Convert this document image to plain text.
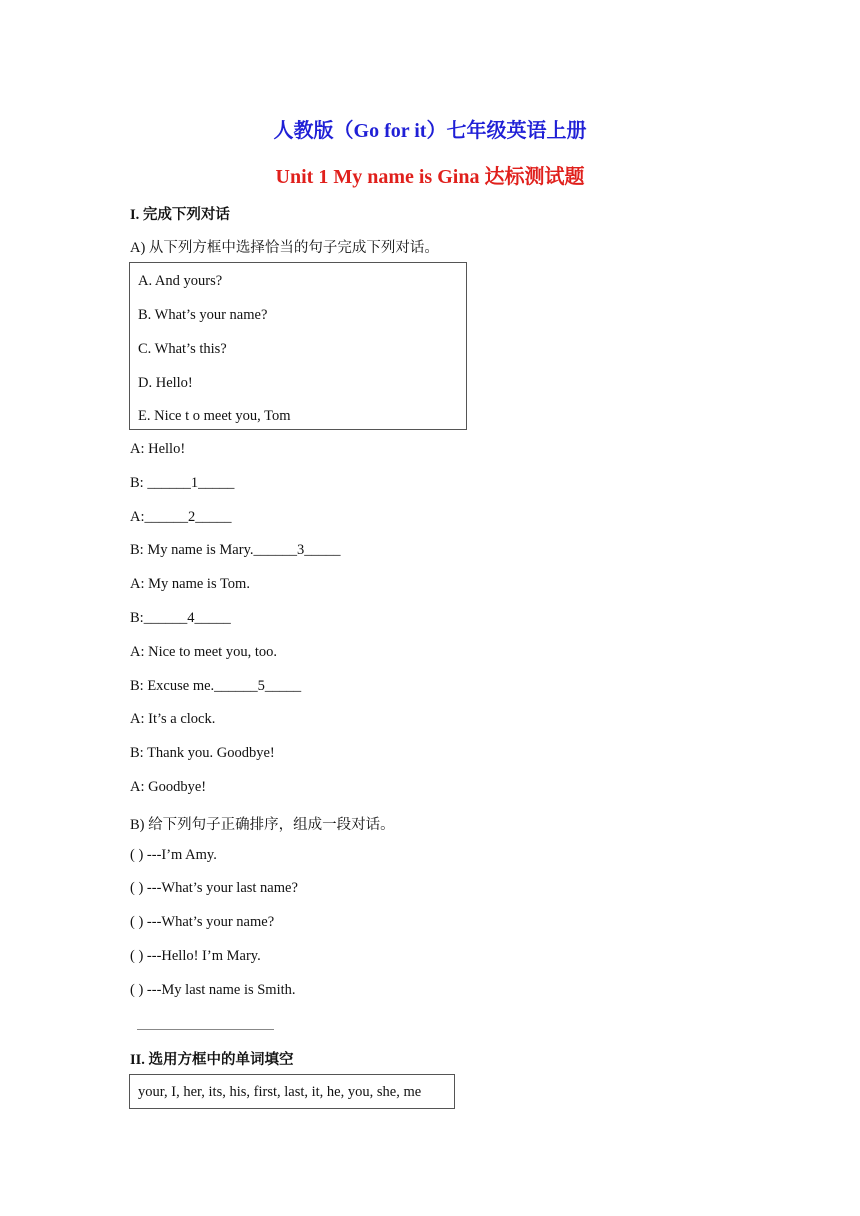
人教版（Go for it）七年级英语上册
Unit 1 My name is Gina 达标测试题
I. 完成下列对话
A) 从下列方框中选择恰当的句子完成下列对话。
A. And yours?
B. What’s your name?
C. What’s this?
D. Hello!
E. Nice t o meet you, Tom
A: Hello!
B: ______1_____
A:______2_____
B: My name is Mary.______3_____
A: My name is Tom.
B:______4_____
A: Nice to meet you, too.
B: Excuse me.______5_____
A: It’s a clock.
B: Thank you. Goodbye!
A: Goodbye!
B) 给下列句子正确排序，组成一段对话。
( ) ---I’m Amy.
( ) ---What’s your last name?
( ) ---What’s your name?
( ) ---Hello! I’m Mary.
( ) ---My last name is Smith.
II. 选用方框中的单词填空
your, I, her, its, his, first, last, it, he, you, she, me
